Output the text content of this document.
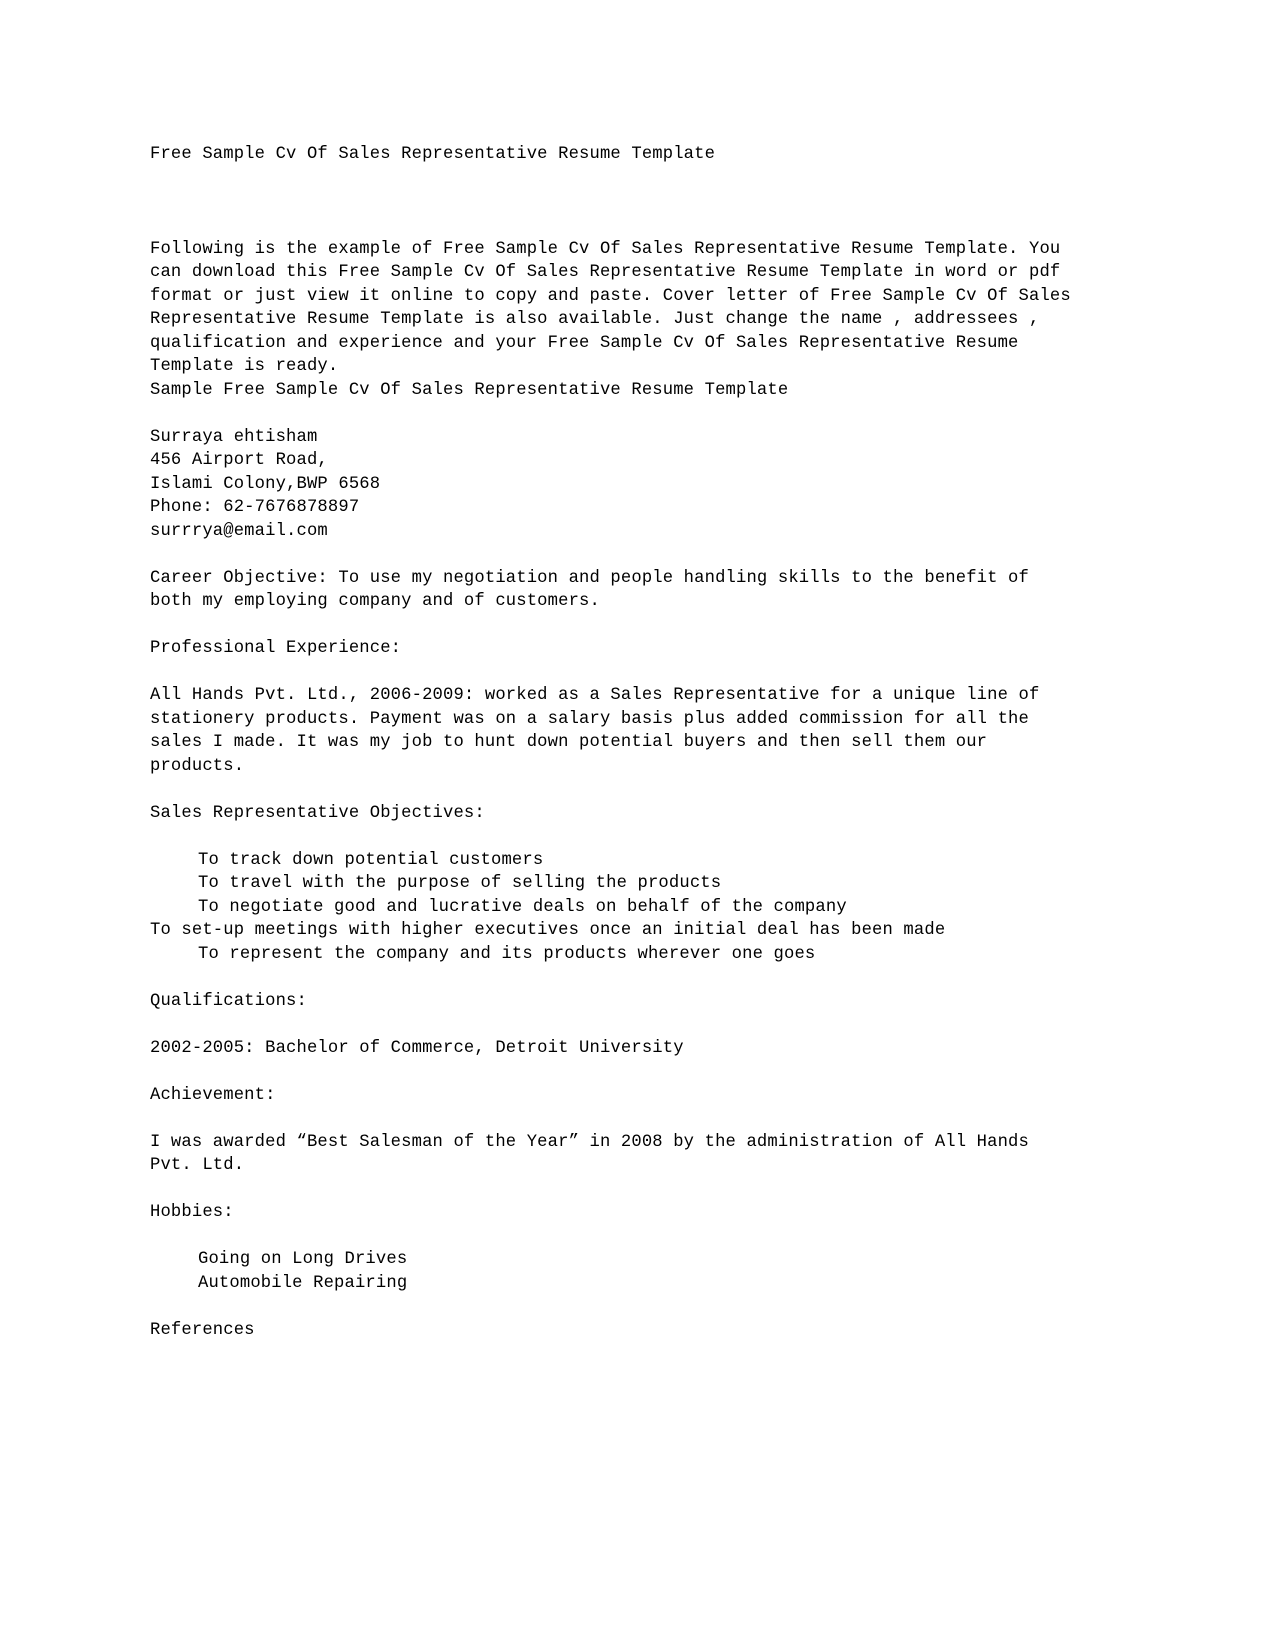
Free Sample Cv Of Sales Representative Resume Template
Following is the example of Free Sample Cv Of Sales Representative Resume Template. You can download this Free Sample Cv Of Sales Representative Resume Template in word or pdf format or just view it online to copy and paste. Cover letter of Free Sample Cv Of Sales Representative Resume Template is also available. Just change the name , addressees , qualification and experience and your Free Sample Cv Of Sales Representative Resume Template is ready.
Sample Free Sample Cv Of Sales Representative Resume Template
Surraya ehtisham
456 Airport Road,
Islami Colony,BWP 6568
Phone: 62-7676878897
surrrya@email.com
Career Objective: To use my negotiation and people handling skills to the benefit of both my employing company and of customers.
Professional Experience:
All Hands Pvt. Ltd., 2006-2009: worked as a Sales Representative for a unique line of stationery products. Payment was on a salary basis plus added commission for all the sales I made. It was my job to hunt down potential buyers and then sell them our products.
Sales Representative Objectives:
To track down potential customers
To travel with the purpose of selling the products
To negotiate good and lucrative deals on behalf of the company
To set-up meetings with higher executives once an initial deal has been made
To represent the company and its products wherever one goes
Qualifications:
2002-2005: Bachelor of Commerce, Detroit University
Achievement:
I was awarded “Best Salesman of the Year” in 2008 by the administration of All Hands Pvt. Ltd.
Hobbies:
Going on Long Drives
Automobile Repairing
References
